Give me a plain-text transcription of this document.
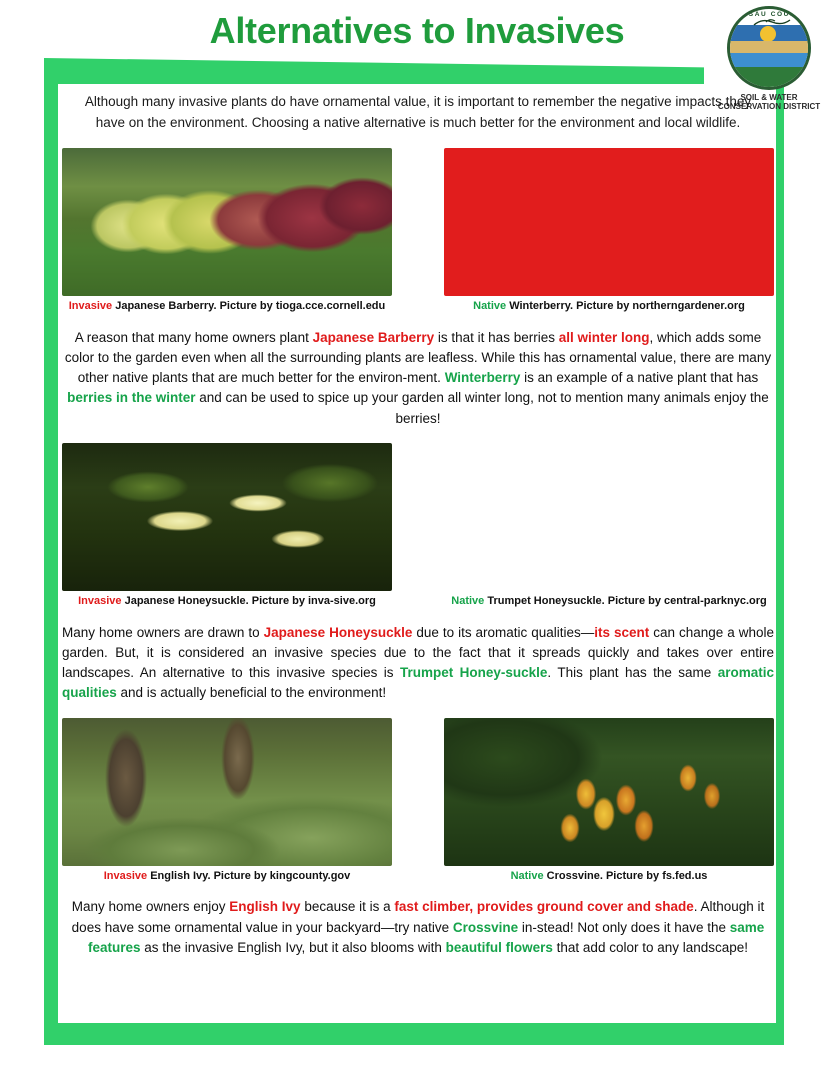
Alternatives to Invasives	NASSAU COUNTY
SOIL & WATER
CONSERVATION DISTRICT
Although many invasive plants do have ornamental value, it is important to remember the negative impacts they have on the environment. Choosing a native alternative is much better for the environment and local wildlife.
Invasive Japanese Barberry. Picture by tioga.cce.cornell.edu	Native Winterberry. Picture by northerngardener.org
A reason that many home owners plant Japanese Barberry is that it has berries all winter long, which adds some color to the garden even when all the surrounding plants are leafless. While this has ornamental value, there are many other native plants that are much better for the environ-ment. Winterberry is an example of a native plant that has berries in the winter and can be used to spice up your garden all winter long, not to mention many animals enjoy the berries!
Invasive Japanese Honeysuckle. Picture by inva-sive.org	Native Trumpet Honeysuckle. Picture by central-parknyc.org
Many home owners are drawn to Japanese Honeysuckle due to its aromatic qualities—its scent can change a whole garden. But, it is considered an invasive species due to the fact that it spreads quickly and takes over entire landscapes. An alternative to this invasive species is Trumpet Honey-suckle. This plant has the same aromatic qualities and is actually beneficial to the environment!
Invasive English Ivy. Picture by kingcounty.gov	Native Crossvine. Picture by fs.fed.us
Many home owners enjoy English Ivy because it is a fast climber, provides ground cover and shade. Although it does have some ornamental value in your backyard—try native Crossvine in-stead! Not only does it have the same features as the invasive English Ivy, but it also blooms with beautiful flowers that add color to any landscape!
